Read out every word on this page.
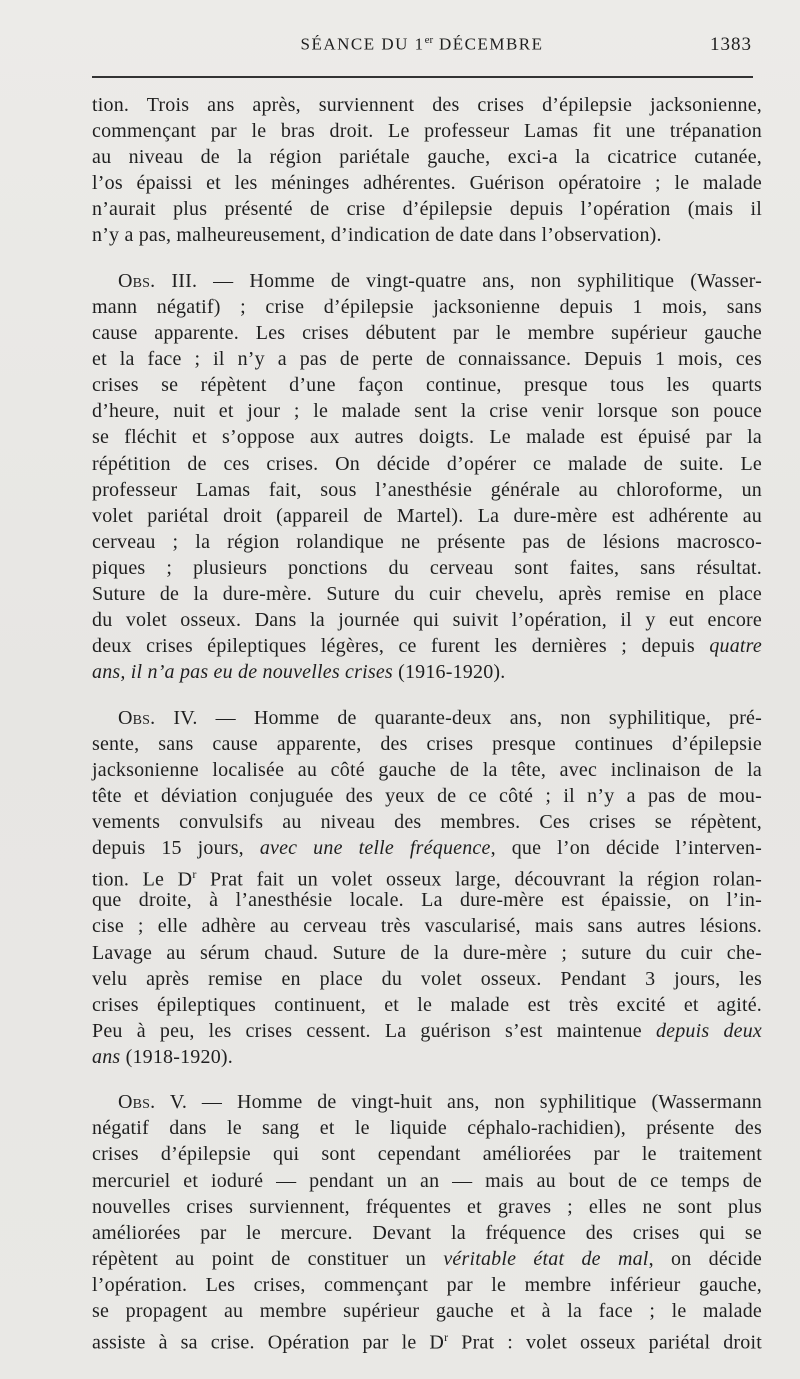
SÉANCE DU 1er DÉCEMBRE	1383
tion. Trois ans après, surviennent des crises d’épilepsie jacksonienne,
commençant par le bras droit. Le professeur Lamas fit une trépanation
au niveau de la région pariétale gauche, exci-a la cicatrice cutanée,
l’os épaissi et les méninges adhérentes. Guérison opératoire ; le malade
n’aurait plus présenté de crise d’épilepsie depuis l’opération (mais il
n’y a pas, malheureusement, d’indication de date dans l’observation).
Obs. III. — Homme de vingt-quatre ans, non syphilitique (Wasser-
mann négatif) ; crise d’épilepsie jacksonienne depuis 1 mois, sans
cause apparente. Les crises débutent par le membre supérieur gauche
et la face ; il n’y a pas de perte de connaissance. Depuis 1 mois, ces
crises se répètent d’une façon continue, presque tous les quarts
d’heure, nuit et jour ; le malade sent la crise venir lorsque son pouce
se fléchit et s’oppose aux autres doigts. Le malade est épuisé par la
répétition de ces crises. On décide d’opérer ce malade de suite. Le
professeur Lamas fait, sous l’anesthésie générale au chloroforme, un
volet pariétal droit (appareil de Martel). La dure-mère est adhérente au
cerveau ; la région rolandique ne présente pas de lésions macrosco-
piques ; plusieurs ponctions du cerveau sont faites, sans résultat.
Suture de la dure-mère. Suture du cuir chevelu, après remise en place
du volet osseux. Dans la journée qui suivit l’opération, il y eut encore
deux crises épileptiques légères, ce furent les dernières ; depuis quatre
ans, il n’a pas eu de nouvelles crises (1916-1920).
Obs. IV. — Homme de quarante-deux ans, non syphilitique, pré-
sente, sans cause apparente, des crises presque continues d’épilepsie
jacksonienne localisée au côté gauche de la tête, avec inclinaison de la
tête et déviation conjuguée des yeux de ce côté ; il n’y a pas de mou-
vements convulsifs au niveau des membres. Ces crises se répètent,
depuis 15 jours, avec une telle fréquence, que l’on décide l’interven-
tion. Le $D^r$ Prat fait un volet osseux large, découvrant la région rolan-
que droite, à l’anesthésie locale. La dure-mère est épaissie, on l’in-
cise ; elle adhère au cerveau très vascularisé, mais sans autres lésions.
Lavage au sérum chaud. Suture de la dure-mère ; suture du cuir che-
velu après remise en place du volet osseux. Pendant 3 jours, les
crises épileptiques continuent, et le malade est très excité et agité.
Peu à peu, les crises cessent. La guérison s’est maintenue depuis deux
ans (1918-1920).
Obs. V. — Homme de vingt-huit ans, non syphilitique (Wassermann
négatif dans le sang et le liquide céphalo-rachidien), présente des
crises d’épilepsie qui sont cependant améliorées par le traitement
mercuriel et ioduré — pendant un an — mais au bout de ce temps de
nouvelles crises surviennent, fréquentes et graves ; elles ne sont plus
améliorées par le mercure. Devant la fréquence des crises qui se
répètent au point de constituer un véritable état de mal, on décide
l’opération. Les crises, commençant par le membre inférieur gauche,
se propagent au membre supérieur gauche et à la face ; le malade
assiste à sa crise. Opération par le $D^r$ Prat : volet osseux pariétal droit
